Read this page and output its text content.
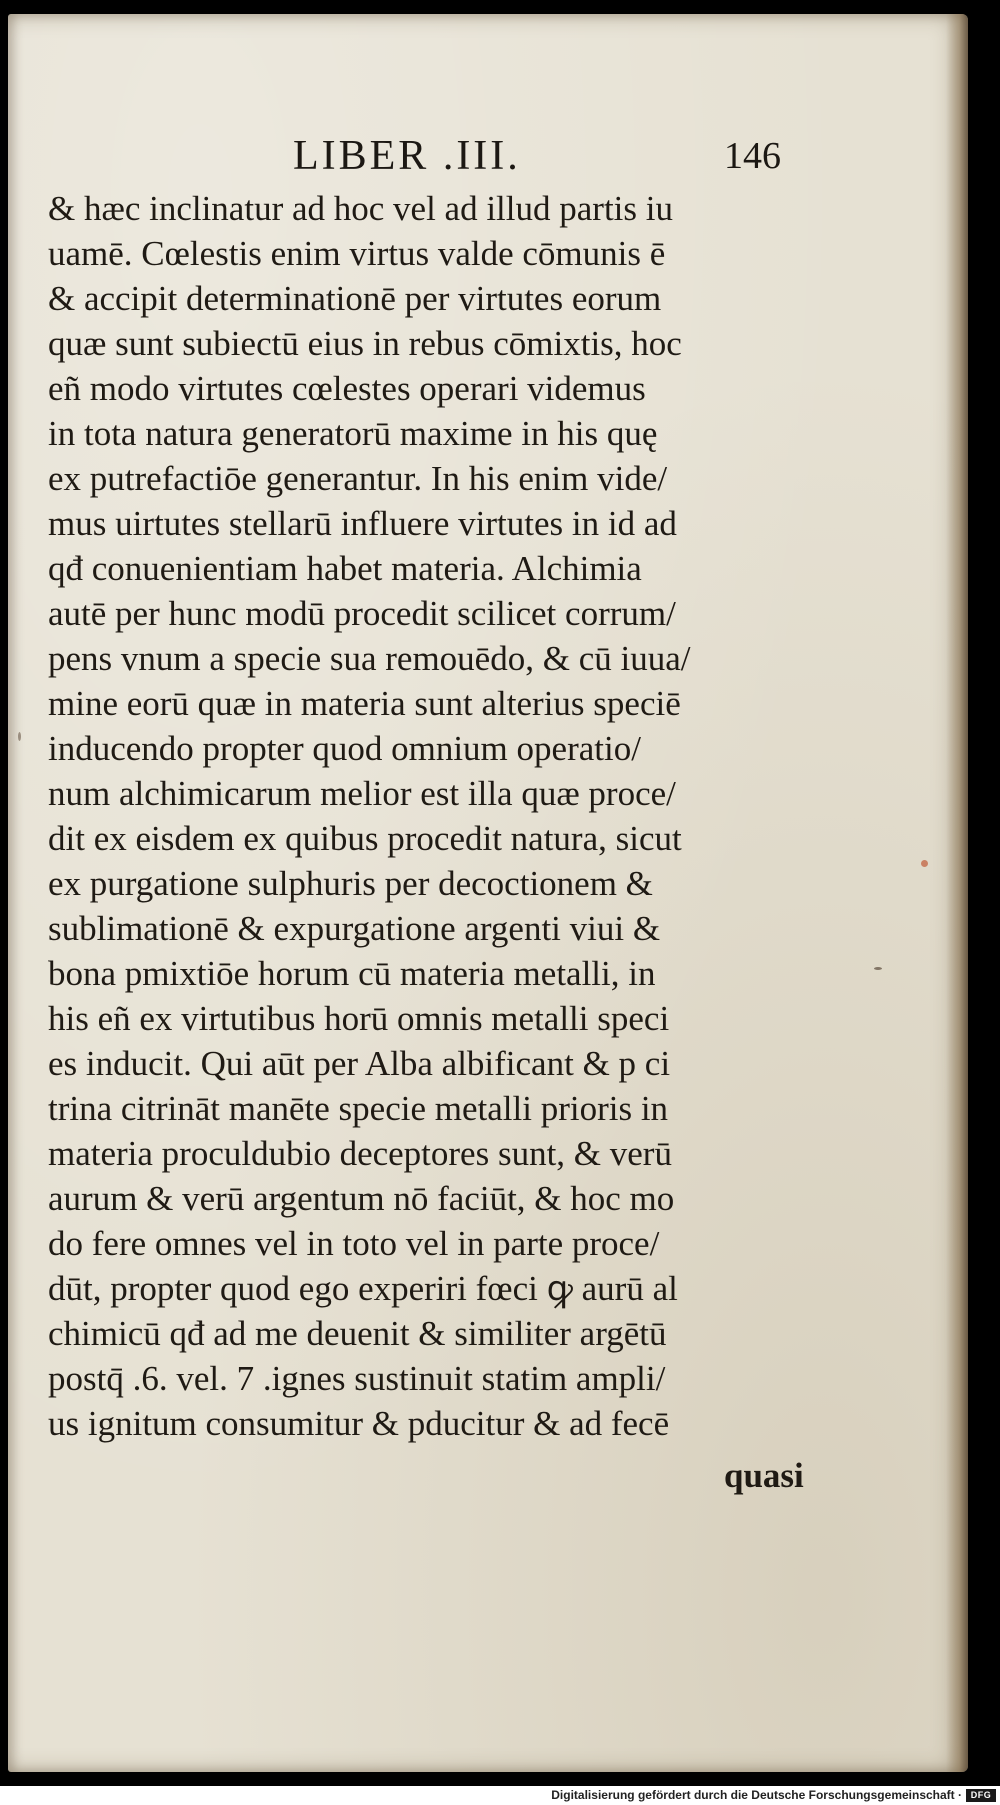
LIBER .III.	146
& hæc inclinatur ad hoc vel ad illud partis iu
uamē. Cœlestis enim virtus valde cōmunis ē
& accipit determinationē per virtutes eorum
quæ sunt subiectū eius in rebus cōmixtis, hoc
eñ modo virtutes cœlestes operari videmus
in tota natura generatorū maxime in his quę
ex putrefactiōe generantur. In his enim vide/
mus uirtutes stellarū influere virtutes in id ad
qđ conuenientiam habet materia. Alchimia
autē per hunc modū procedit scilicet corrum/
pens vnum a specie sua remouēdo, & cū iuua/
mine eorū quæ in materia sunt alterius speciē
inducendo propter quod omnium operatio/
num alchimicarum melior est illa quæ proce/
dit ex eisdem ex quibus procedit natura, sicut
ex purgatione sulphuris per decoctionem &
sublimationē & expurgatione argenti viui &
bona pmixtiōe horum cū materia metalli, in
his eñ ex virtutibus horū omnis metalli speci
es inducit. Qui aūt per Alba albificant & p ci
trina citrināt manēte specie metalli prioris in
materia proculdubio deceptores sunt, & verū
aurum & verū argentum nō faciūt, & hoc mo
do fere omnes vel in toto vel in parte proce/
dūt, propter quod ego experiri fœci ꝙ aurū al
chimicū qđ ad me deuenit & similiter argētū
postq̄ .6. vel. 7 .ignes sustinuit statim ampli/
us ignitum consumitur & pducitur & ad fecē
quasi
Digitalisierung gefördert durch die Deutsche Forschungsgemeinschaft · DFG
